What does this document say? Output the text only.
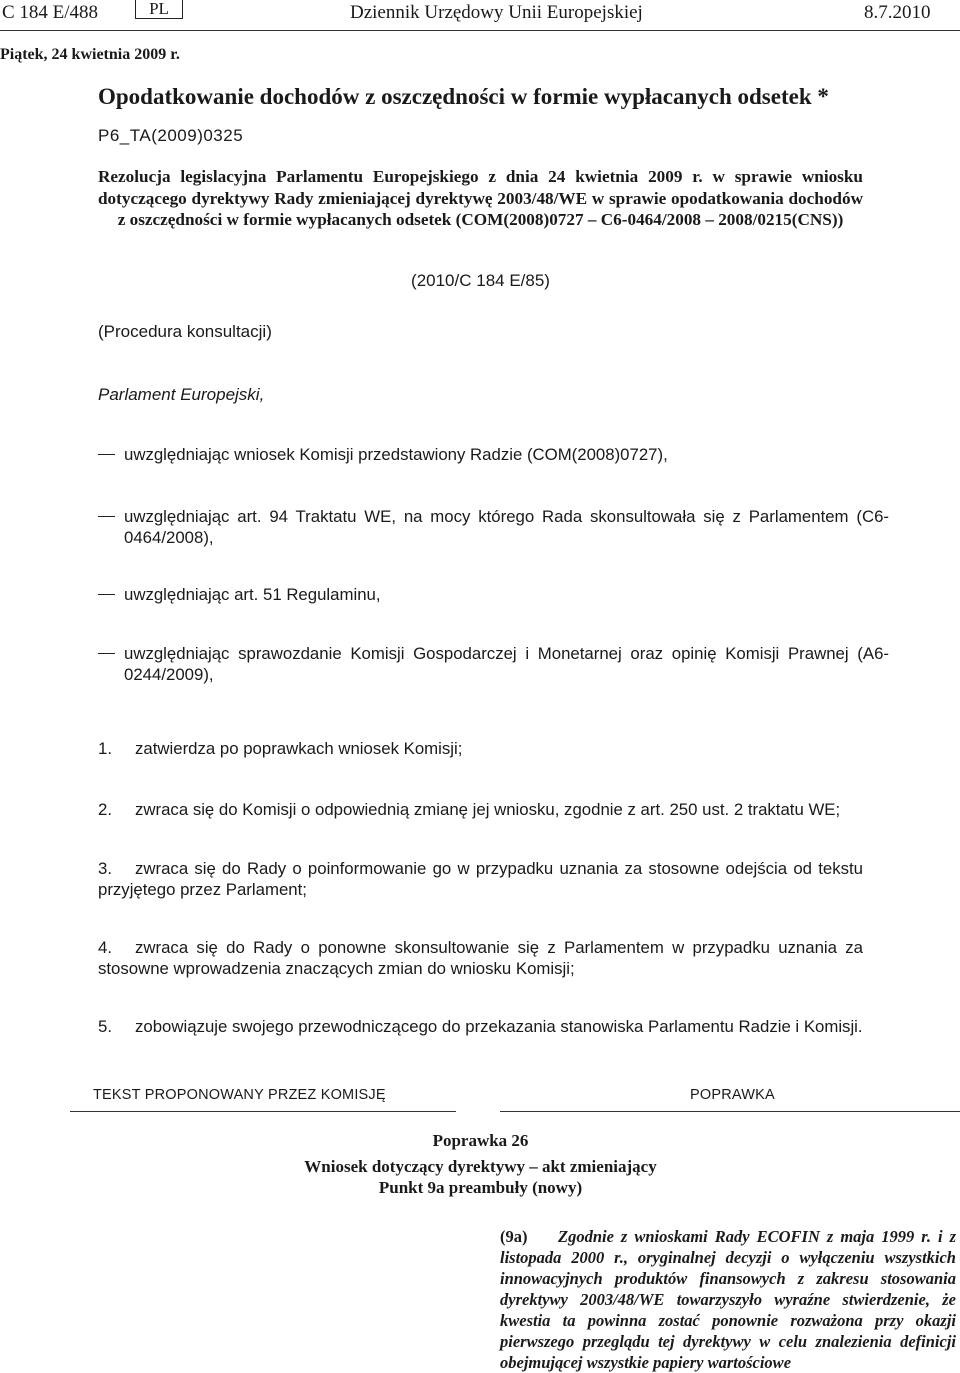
C 184 E/488	PL	Dziennik Urzędowy Unii Europejskiej	8.7.2010
Piątek, 24 kwietnia 2009 r.
Opodatkowanie dochodów z oszczędności w formie wypłacanych odsetek *
P6_TA(2009)0325
Rezolucja legislacyjna Parlamentu Europejskiego z dnia 24 kwietnia 2009 r. w sprawie wniosku dotyczącego dyrektywy Rady zmieniającej dyrektywę 2003/48/WE w sprawie opodatkowania dochodów z oszczędności w formie wypłacanych odsetek (COM(2008)0727 – C6-0464/2008 – 2008/0215(CNS))
(2010/C 184 E/85)
(Procedura konsultacji)
Parlament Europejski,
uwzględniając wniosek Komisji przedstawiony Radzie (COM(2008)0727),
uwzględniając art. 94 Traktatu WE, na mocy którego Rada skonsultowała się z Parlamentem (C6-0464/2008),
uwzględniając art. 51 Regulaminu,
uwzględniając sprawozdanie Komisji Gospodarczej i Monetarnej oraz opinię Komisji Prawnej (A6-0244/2009),
1. zatwierdza po poprawkach wniosek Komisji;
2. zwraca się do Komisji o odpowiednią zmianę jej wniosku, zgodnie z art. 250 ust. 2 traktatu WE;
3. zwraca się do Rady o poinformowanie go w przypadku uznania za stosowne odejścia od tekstu przyjętego przez Parlament;
4. zwraca się do Rady o ponowne skonsultowanie się z Parlamentem w przypadku uznania za stosowne wprowadzenia znaczących zmian do wniosku Komisji;
5. zobowiązuje swojego przewodniczącego do przekazania stanowiska Parlamentu Radzie i Komisji.
TEKST PROPONOWANY PRZEZ KOMISJĘ	POPRAWKA
Poprawka 26
Wniosek dotyczący dyrektywy – akt zmieniający
Punkt 9a preambuły (nowy)
(9a) Zgodnie z wnioskami Rady ECOFIN z maja 1999 r. i z listopada 2000 r., oryginalnej decyzji o wyłączeniu wszystkich innowacyjnych produktów finansowych z zakresu stosowania dyrektywy 2003/48/WE towarzyszyło wyraźne stwierdzenie, że kwestia ta powinna zostać ponownie rozważona przy okazji pierwszego przeglądu tej dyrektywy w celu znalezienia definicji obejmującej wszystkie papiery wartościowe
